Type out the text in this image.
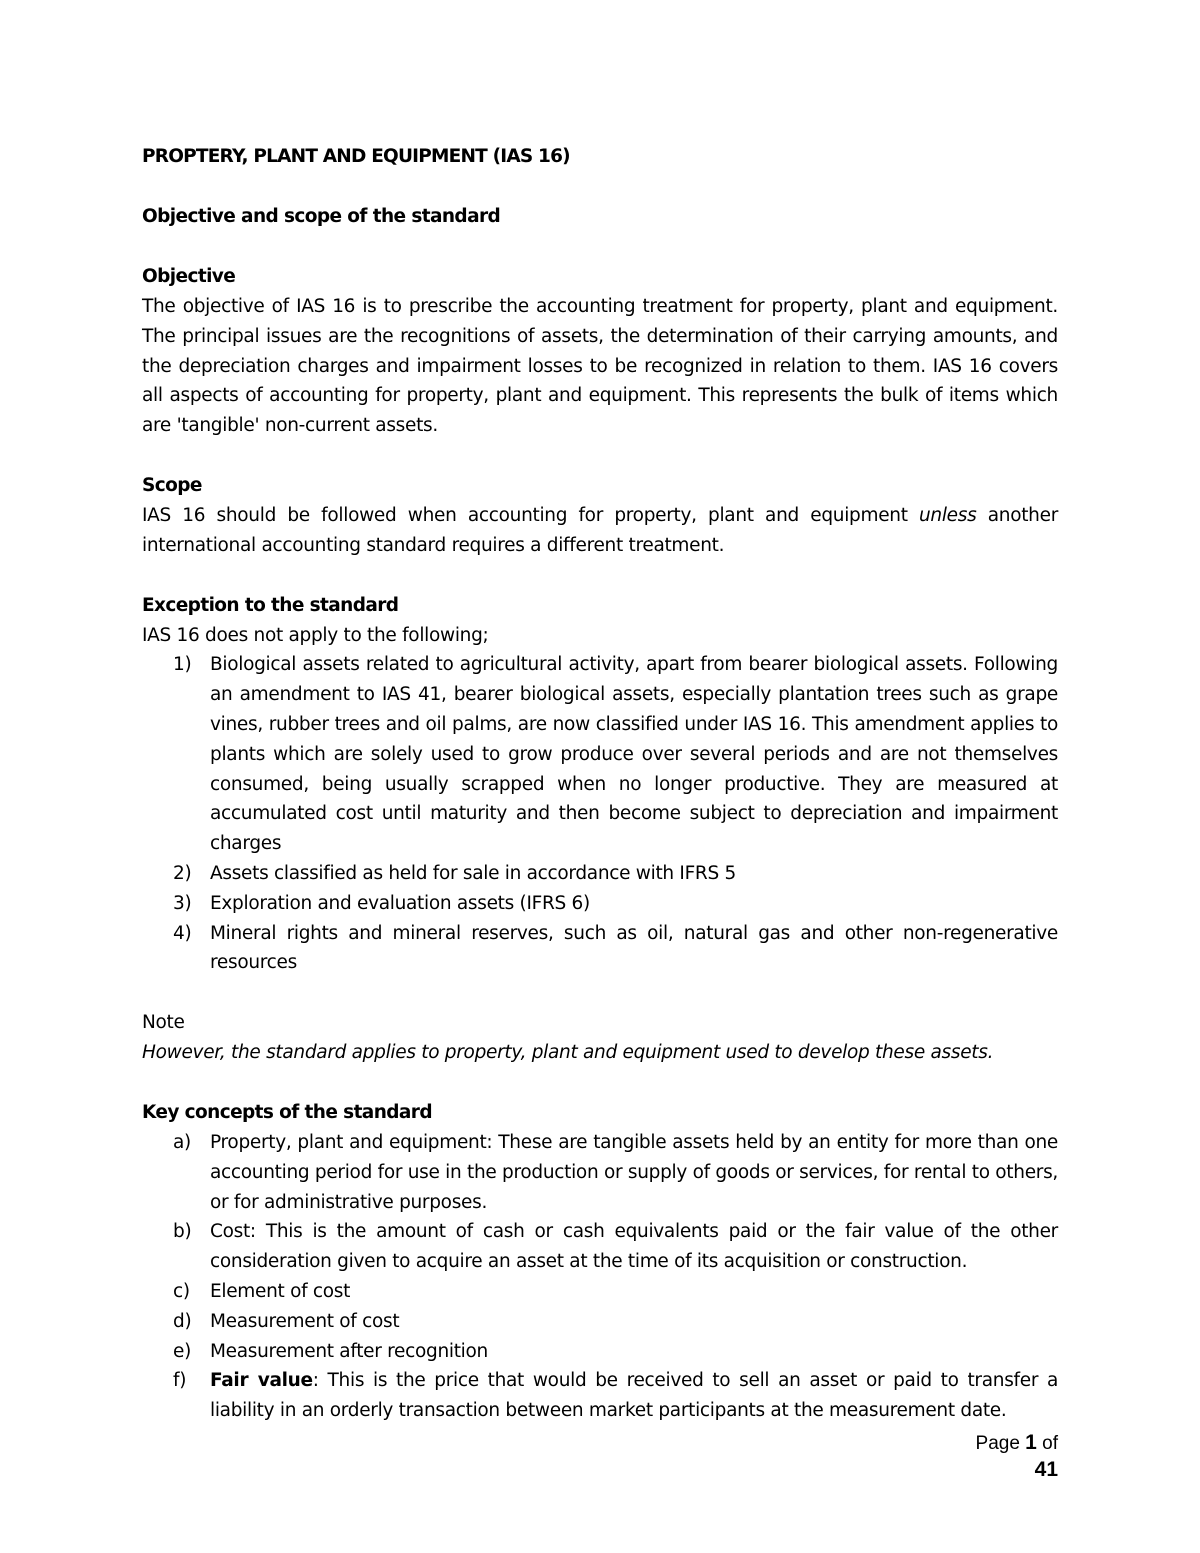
PROPTERY, PLANT AND EQUIPMENT (IAS 16)
Objective and scope of the standard
Objective

The objective of IAS 16 is to prescribe the accounting treatment for property, plant and equipment. The principal issues are the recognitions of assets, the determination of their carrying amounts, and the depreciation charges and impairment losses to be recognized in relation to them. IAS 16 covers all aspects of accounting for property, plant and equipment. This represents the bulk of items which are 'tangible' non-current assets.

Scope

IAS 16 should be followed when accounting for property, plant and equipment unless another international accounting standard requires a different treatment.

Exception to the standard

IAS 16 does not apply to the following;

1) Biological assets related to agricultural activity, apart from bearer biological assets. Following an amendment to IAS 41, bearer biological assets, especially plantation trees such as grape vines, rubber trees and oil palms, are now classified under IAS 16. This amendment applies to plants which are solely used to grow produce over several periods and are not themselves consumed, being usually scrapped when no longer productive. They are measured at accumulated cost until maturity and then become subject to depreciation and impairment charges
2) Assets classified as held for sale in accordance with IFRS 5
3) Exploration and evaluation assets (IFRS 6)
4) Mineral rights and mineral reserves, such as oil, natural gas and other non-regenerative resources
Note

However, the standard applies to property, plant and equipment used to develop these assets.

Key concepts of the standard
a) Property, plant and equipment: These are tangible assets held by an entity for more than one accounting period for use in the production or supply of goods or services, for rental to others, or for administrative purposes.
b) Cost: This is the amount of cash or cash equivalents paid or the fair value of the other consideration given to acquire an asset at the time of its acquisition or construction.
c) Element of cost
d) Measurement of cost
e) Measurement after recognition
f) Fair value: This is the price that would be received to sell an asset or paid to transfer a liability in an orderly transaction between market participants at the measurement date.
Page 1 of 41
